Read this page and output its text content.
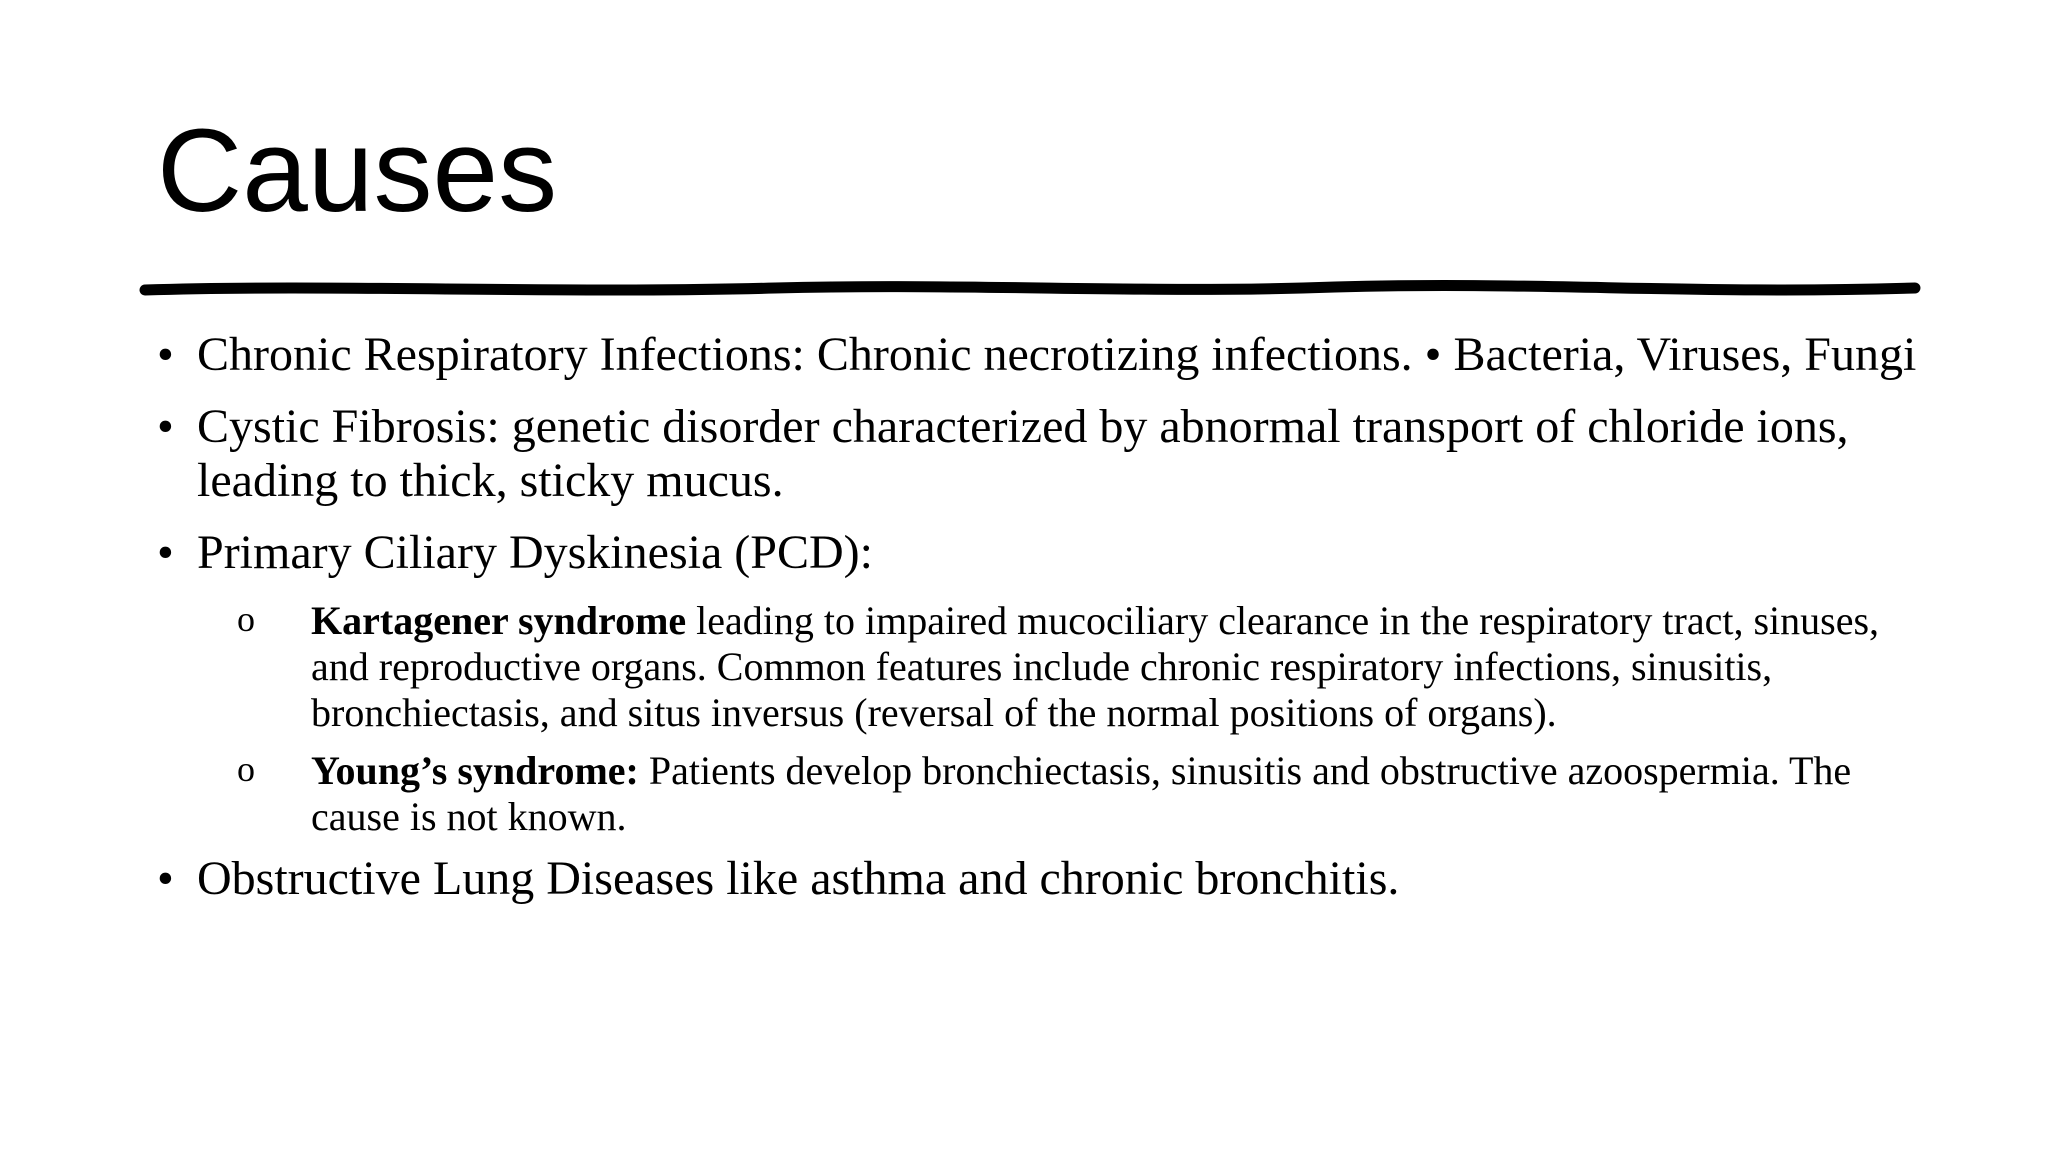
Causes
• Chronic Respiratory Infections: Chronic necrotizing infections. • Bacteria, Viruses, Fungi
• Cystic Fibrosis: genetic disorder characterized by abnormal transport of chloride ions, leading to thick, sticky mucus.
• Primary Ciliary Dyskinesia (PCD):
o Kartagener syndrome leading to impaired mucociliary clearance in the respiratory tract, sinuses, and reproductive organs. Common features include chronic respiratory infections, sinusitis, bronchiectasis, and situs inversus (reversal of the normal positions of organs).
o Young’s syndrome: Patients develop bronchiectasis, sinusitis and obstructive azoospermia. The cause is not known.
• Obstructive Lung Diseases like asthma and chronic bronchitis.
